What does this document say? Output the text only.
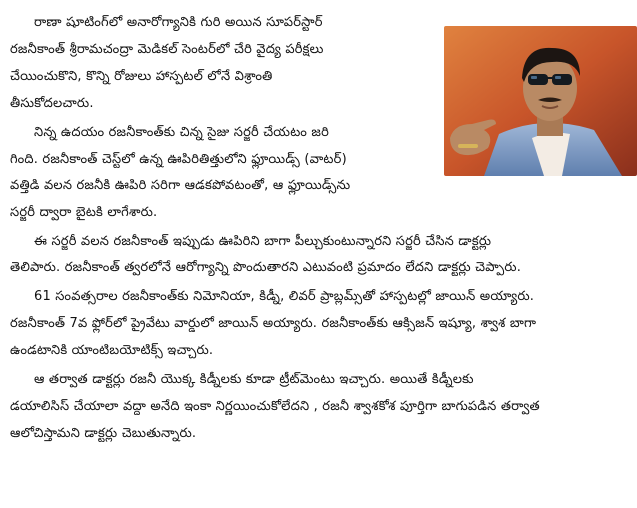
రాణా షూటింగ్‌లో అనారోగ్యానికి గురి అయిన సూపర్‌స్టార్
రజనీకాంత్ శ్రీరామచంద్రా మెడికల్ సెంటర్‌లో చేరి వైద్య పరీక్షలు
చేయించుకొని, కొన్ని రోజులు హాస్పటల్ లోనే విశ్రాంతి
తీసుకోదలచారు.
నిన్న ఉదయం రజనీకాంత్‌కు చిన్న సైజు సర్జరీ చేయటం జరి
గింది. రజనీకాంత్ చెస్ట్‌లో ఉన్న ఊపిరితిత్తులోని ఫ్లూయిడ్స్ (వాటర్)
వత్తిడి వలన రజనీకి ఊపిరి సరిగా ఆడకపోవటంతో, ఆ ఫ్లూయిడ్స్‌ను
సర్జరీ ద్వారా బైటకి లాగేశారు.
ఈ సర్జరీ వలన రజనీకాంత్ ఇప్పుడు ఊపిరిని బాగా పీల్చుకుంటున్నారని సర్జరీ చేసిన డాక్టర్లు
తెలిపారు. రజనీకాంత్ త్వరలోనే ఆరోగ్యాన్ని పొందుతారని ఎటువంటి ప్రమాదం లేదని డాక్టర్లు చెప్పారు.
61 సంవత్సరాల రజనీకాంత్‌కు నిమోనియా, కిడ్నీ, లివర్ ప్రాబ్లమ్స్‌తో హాస్పటల్లో జాయిన్ అయ్యారు.
రజనీకాంత్ 7వ ఫ్లోర్‌లో ప్రైవేటు వార్డులో జాయిన్ అయ్యారు. రజనీకాంత్‌కు ఆక్సిజన్ ఇష్యూ, శ్వాశ బాగా
ఉండటానికి యాంటిబయోటిక్స్ ఇచ్చారు.
ఆ తర్వాత డాక్టర్లు రజనీ యొక్క కిడ్నీలకు కూడా ట్రీట్‌మెంటు ఇచ్చారు. అయితే కిడ్నీలకు
డయాలిసిస్ చేయాలా వద్దా అనేది ఇంకా నిర్ణయించుకోలేదని , రజనీ శ్వాశకోశ పూర్తిగా బాగుపడిన తర్వాత
ఆలోచిస్తామని డాక్టర్లు చెబుతున్నారు.
